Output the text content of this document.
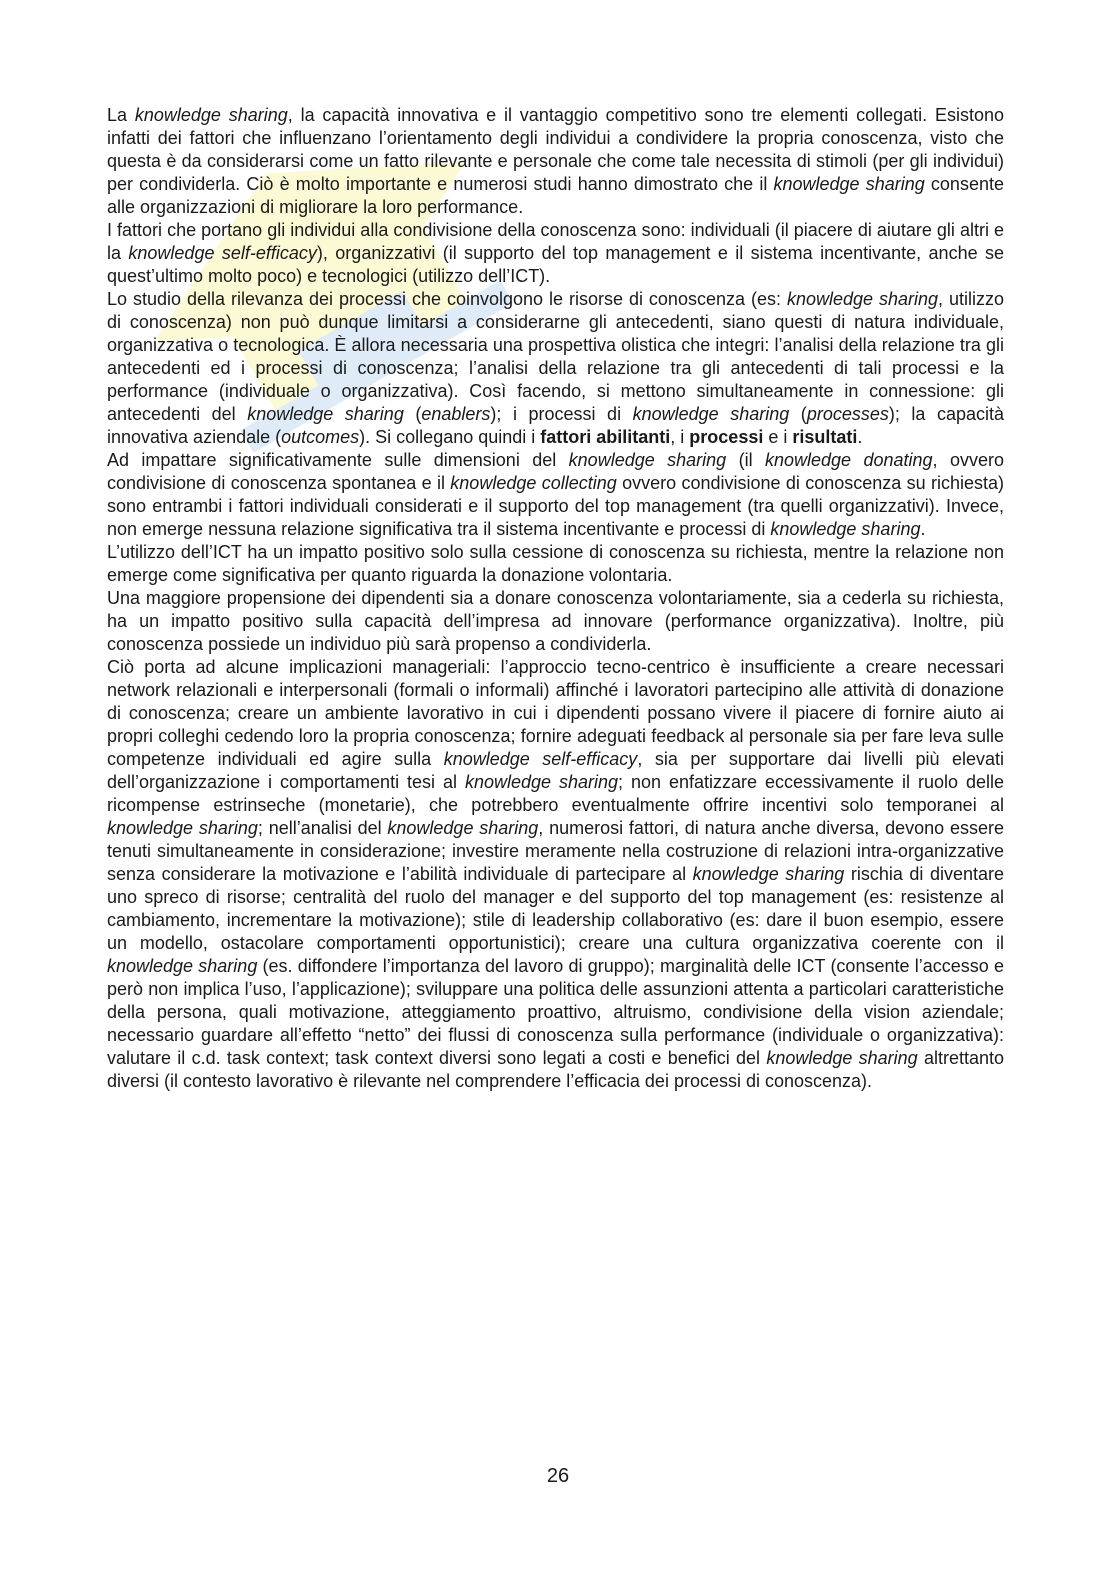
La knowledge sharing, la capacità innovativa e il vantaggio competitivo sono tre elementi collegati. Esistono infatti dei fattori che influenzano l’orientamento degli individui a condividere la propria conoscenza, visto che questa è da considerarsi come un fatto rilevante e personale che come tale necessita di stimoli (per gli individui) per condividerla. Ciò è molto importante e numerosi studi hanno dimostrato che il knowledge sharing consente alle organizzazioni di migliorare la loro performance.

I fattori che portano gli individui alla condivisione della conoscenza sono: individuali (il piacere di aiutare gli altri e la knowledge self-efficacy), organizzativi (il supporto del top management e il sistema incentivante, anche se quest’ultimo molto poco) e tecnologici (utilizzo dell’ICT).

Lo studio della rilevanza dei processi che coinvolgono le risorse di conoscenza (es: knowledge sharing, utilizzo di conoscenza) non può dunque limitarsi a considerarne gli antecedenti, siano questi di natura individuale, organizzativa o tecnologica. È allora necessaria una prospettiva olistica che integri: l’analisi della relazione tra gli antecedenti ed i processi di conoscenza; l’analisi della relazione tra gli antecedenti di tali processi e la performance (individuale o organizzativa). Così facendo, si mettono simultaneamente in connessione: gli antecedenti del knowledge sharing (enablers); i processi di knowledge sharing (processes); la capacità innovativa aziendale (outcomes). Si collegano quindi i fattori abilitanti, i processi e i risultati.

Ad impattare significativamente sulle dimensioni del knowledge sharing (il knowledge donating, ovvero condivisione di conoscenza spontanea e il knowledge collecting ovvero condivisione di conoscenza su richiesta) sono entrambi i fattori individuali considerati e il supporto del top management (tra quelli organizzativi). Invece, non emerge nessuna relazione significativa tra il sistema incentivante e processi di knowledge sharing.

L’utilizzo dell’ICT ha un impatto positivo solo sulla cessione di conoscenza su richiesta, mentre la relazione non emerge come significativa per quanto riguarda la donazione volontaria.

Una maggiore propensione dei dipendenti sia a donare conoscenza volontariamente, sia a cederla su richiesta, ha un impatto positivo sulla capacità dell’impresa ad innovare (performance organizzativa). Inoltre, più conoscenza possiede un individuo più sarà propenso a condividerla.

Ciò porta ad alcune implicazioni manageriali: l’approccio tecno-centrico è insufficiente a creare necessari network relazionali e interpersonali (formali o informali) affinché i lavoratori partecipino alle attività di donazione di conoscenza; creare un ambiente lavorativo in cui i dipendenti possano vivere il piacere di fornire aiuto ai propri colleghi cedendo loro la propria conoscenza; fornire adeguati feedback al personale sia per fare leva sulle competenze individuali ed agire sulla knowledge self-efficacy, sia per supportare dai livelli più elevati dell’organizzazione i comportamenti tesi al knowledge sharing; non enfatizzare eccessivamente il ruolo delle ricompense estrinseche (monetarie), che potrebbero eventualmente offrire incentivi solo temporanei al knowledge sharing; nell’analisi del knowledge sharing, numerosi fattori, di natura anche diversa, devono essere tenuti simultaneamente in considerazione; investire meramente nella costruzione di relazioni intra-organizzative senza considerare la motivazione e l’abilità individuale di partecipare al knowledge sharing rischia di diventare uno spreco di risorse; centralità del ruolo del manager e del supporto del top management (es: resistenze al cambiamento, incrementare la motivazione); stile di leadership collaborativo (es: dare il buon esempio, essere un modello, ostacolare comportamenti opportunistici); creare una cultura organizzativa coerente con il knowledge sharing (es. diffondere l’importanza del lavoro di gruppo); marginalità delle ICT (consente l’accesso e però non implica l’uso, l’applicazione); sviluppare una politica delle assunzioni attenta a particolari caratteristiche della persona, quali motivazione, atteggiamento proattivo, altruismo, condivisione della vision aziendale; necessario guardare all’effetto “netto” dei flussi di conoscenza sulla performance (individuale o organizzativa): valutare il c.d. task context; task context diversi sono legati a costi e benefici del knowledge sharing altrettanto diversi (il contesto lavorativo è rilevante nel comprendere l’efficacia dei processi di conoscenza).

26
